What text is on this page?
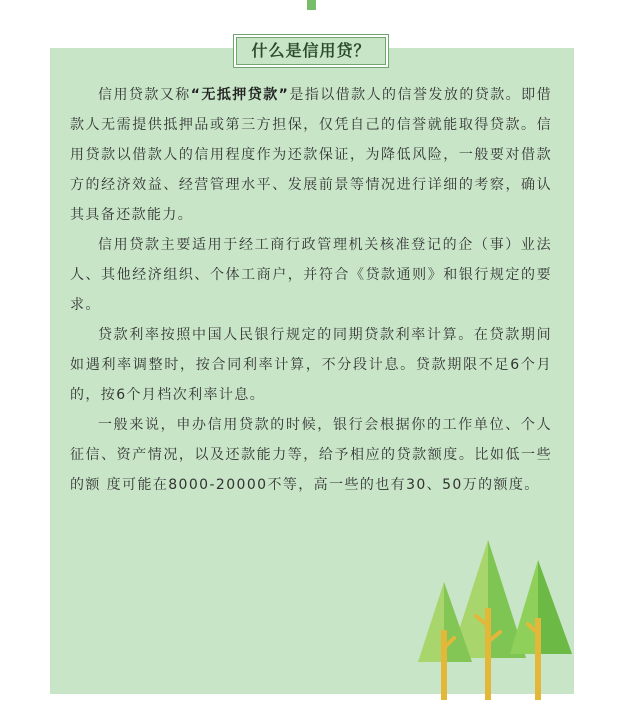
什么是信用贷？

信用贷款又称“无抵押贷款”是指以借款人的信誉发放的贷款。即借款人无需提供抵押品或第三方担保，仅凭自己的信誉就能取得贷款。信用贷款以借款人的信用程度作为还款保证，为降低风险，一般要对借款方的经济效益、经营管理水平、发展前景等情况进行详细的考察，确认其具备还款能力。

信用贷款主要适用于经工商行政管理机关核准登记的企（事）业法人、其他经济组织、个体工商户，并符合《贷款通则》和银行规定的要求。

贷款利率按照中国人民银行规定的同期贷款利率计算。在贷款期间如遇利率调整时，按合同利率计算，不分段计息。贷款期限不足6个月的，按6个月档次利率计息。

一般来说，申办信用贷款的时候，银行会根据你的工作单位、个人征信、资产情况，以及还款能力等，给予相应的贷款额度。比如低一些的额 度可能在8000-20000不等，高一些的也有30、50万的额度。
